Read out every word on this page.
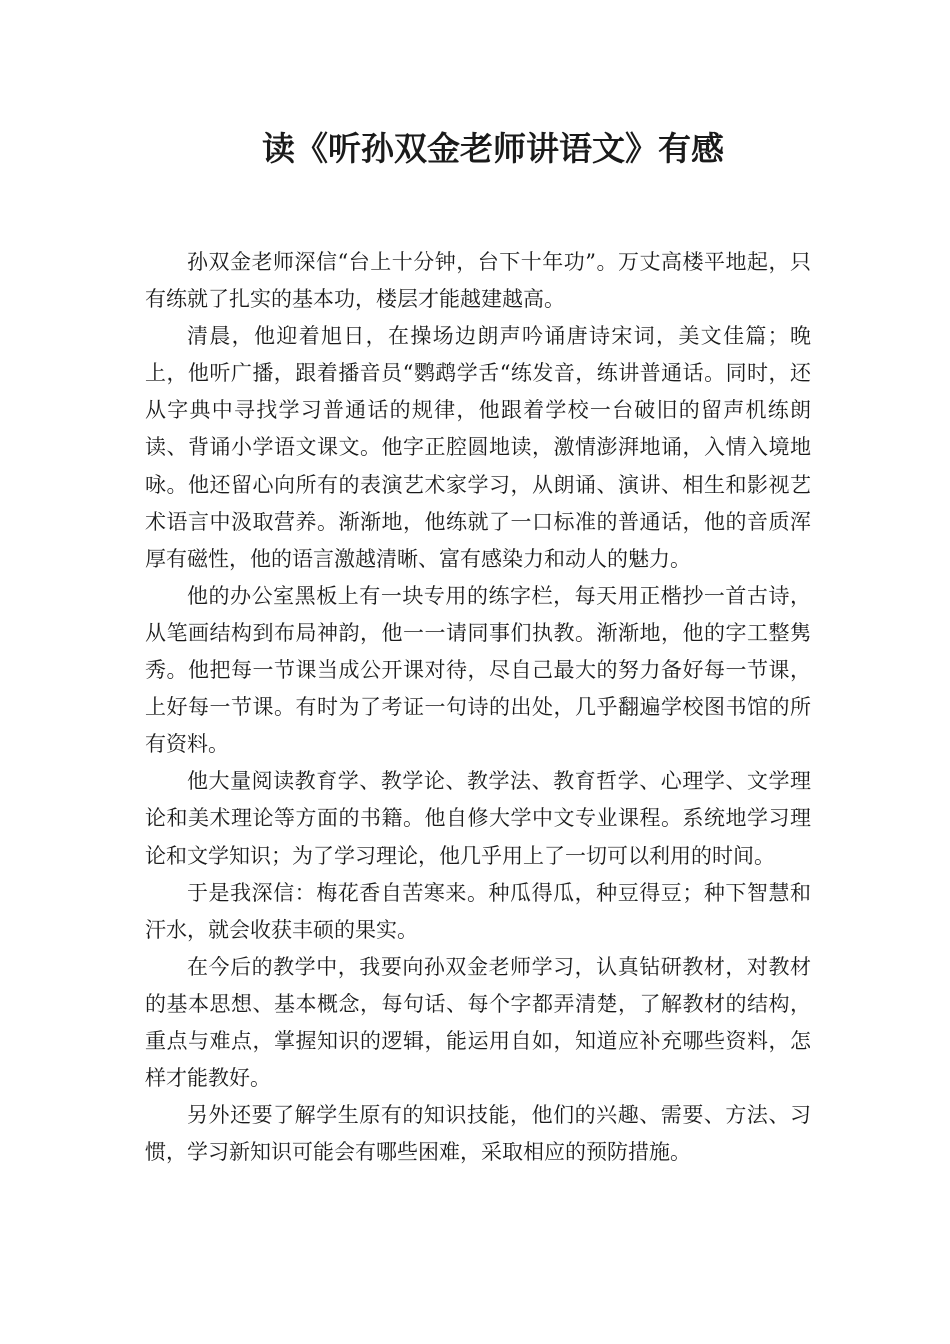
读《听孙双金老师讲语文》有感

孙双金老师深信“台上十分钟，台下十年功”。万丈高楼平地起，只有练就了扎实的基本功，楼层才能越建越高。

清晨，他迎着旭日，在操场边朗声吟诵唐诗宋词，美文佳篇；晚上，他听广播，跟着播音员“鹦鹉学舌“练发音，练讲普通话。同时，还从字典中寻找学习普通话的规律，他跟着学校一台破旧的留声机练朗读、背诵小学语文课文。他字正腔圆地读，激情澎湃地诵，入情入境地咏。他还留心向所有的表演艺术家学习，从朗诵、演讲、相生和影视艺术语言中汲取营养。渐渐地，他练就了一口标准的普通话，他的音质浑厚有磁性，他的语言激越清晰、富有感染力和动人的魅力。

他的办公室黑板上有一块专用的练字栏，每天用正楷抄一首古诗，从笔画结构到布局神韵，他一一请同事们执教。渐渐地，他的字工整隽秀。他把每一节课当成公开课对待，尽自己最大的努力备好每一节课，上好每一节课。有时为了考证一句诗的出处，几乎翻遍学校图书馆的所有资料。

他大量阅读教育学、教学论、教学法、教育哲学、心理学、文学理论和美术理论等方面的书籍。他自修大学中文专业课程。系统地学习理论和文学知识；为了学习理论，他几乎用上了一切可以利用的时间。

于是我深信：梅花香自苦寒来。种瓜得瓜，种豆得豆；种下智慧和汗水，就会收获丰硕的果实。

在今后的教学中，我要向孙双金老师学习，认真钻研教材，对教材的基本思想、基本概念，每句话、每个字都弄清楚，了解教材的结构，重点与难点，掌握知识的逻辑，能运用自如，知道应补充哪些资料，怎样才能教好。

另外还要了解学生原有的知识技能，他们的兴趣、需要、方法、习惯，学习新知识可能会有哪些困难，采取相应的预防措施。
